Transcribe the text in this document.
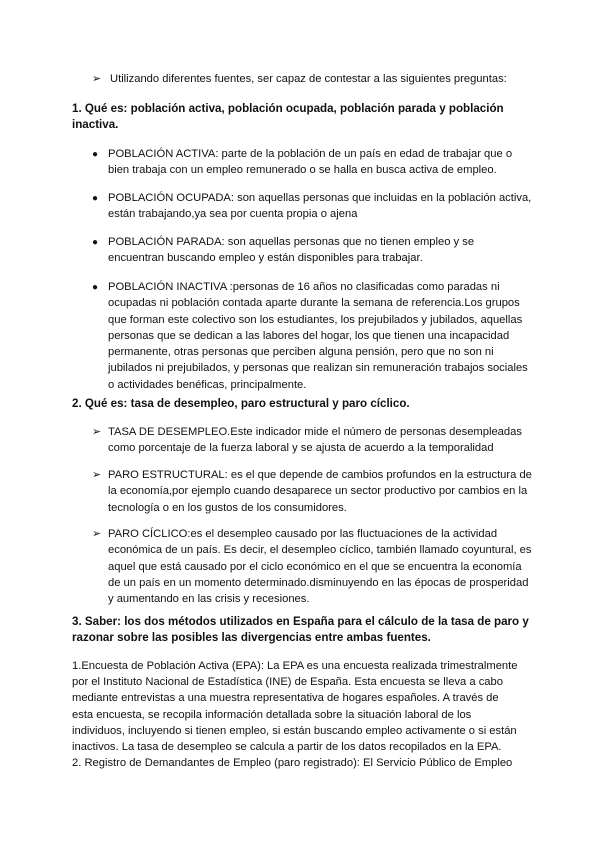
➢ Utilizando diferentes fuentes, ser capaz de contestar a las siguientes preguntas:
1. Qué es: población activa, población ocupada, población parada y población inactiva.
● POBLACIÓN ACTIVA: parte de la población de un país en edad de trabajar que o bien trabaja con un empleo remunerado o se halla en busca activa de empleo.
● POBLACIÓN OCUPADA: son aquellas personas que incluidas en la población activa, están trabajando,ya sea por cuenta propia o ajena
● POBLACIÓN PARADA: son aquellas personas que no tienen empleo y se encuentran buscando empleo y están disponibles para trabajar.
● POBLACIÓN INACTIVA :personas de 16 años no clasificadas como paradas ni ocupadas ni población contada aparte durante la semana de referencia.Los grupos que forman este colectivo son los estudiantes, los prejubilados y jubilados, aquellas personas que se dedican a las labores del hogar, los que tienen una incapacidad permanente, otras personas que perciben alguna pensión, pero que no son ni jubilados ni prejubilados, y personas que realizan sin remuneración trabajos sociales o actividades benéficas, principalmente.
2. Qué es: tasa de desempleo, paro estructural y paro cíclico.
➢ TASA DE DESEMPLEO.Este indicador mide el número de personas desempleadas como porcentaje de la fuerza laboral y se ajusta de acuerdo a la temporalidad
➢ PARO ESTRUCTURAL: es el que depende de cambios profundos en la estructura de la economía,por ejemplo cuando desaparece un sector productivo por cambios en la tecnología o en los gustos de los consumidores.
➢ PARO CÍCLICO:es el desempleo causado por las fluctuaciones de la actividad económica de un país. Es decir, el desempleo cíclico, también llamado coyuntural, es aquel que está causado por el ciclo económico en el que se encuentra la economía de un país en un momento determinado.disminuyendo en las épocas de prosperidad y aumentando en las crisis y recesiones.
3. Saber: los dos métodos utilizados en España para el cálculo de la tasa de paro y razonar sobre las posibles las divergencias entre ambas fuentes.

1.Encuesta de Población Activa (EPA): La EPA es una encuesta realizada trimestralmente por el Instituto Nacional de Estadística (INE) de España. Esta encuesta se lleva a cabo mediante entrevistas a una muestra representativa de hogares españoles. A través de esta encuesta, se recopila información detallada sobre la situación laboral de los individuos, incluyendo si tienen empleo, si están buscando empleo activamente o si están inactivos. La tasa de desempleo se calcula a partir de los datos recopilados en la EPA.

2. Registro de Demandantes de Empleo (paro registrado): El Servicio Público de Empleo
